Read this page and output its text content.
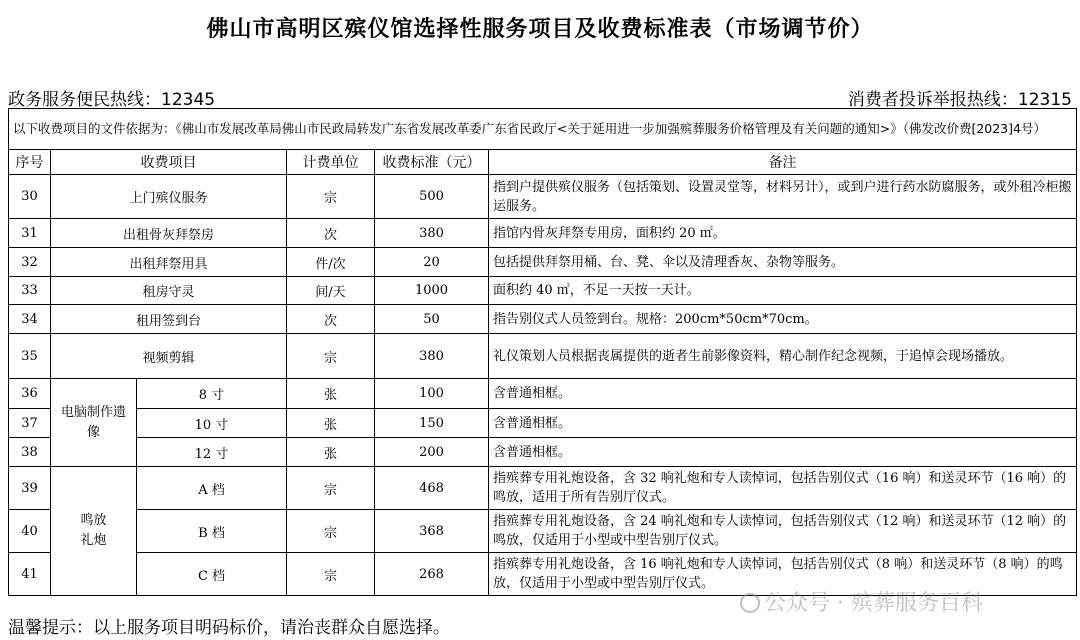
佛山市高明区殡仪馆选择性服务项目及收费标准表（市场调节价）
政务服务便民热线：12345	消费者投诉举报热线：12315
以下收费项目的文件依据为：《佛山市发展改革局佛山市民政局转发广东省发展改革委广东省民政厅<关于延用进一步加强殡葬服务价格管理及有关问题的通知>》（佛发改价费[2023]4号）					
序号	收费项目		计费单位	收费标准（元）	备注
30	上门殡仪服务		宗	500	指到户提供殡仪服务（包括策划、设置灵堂等，材料另计），或到户进行药水防腐服务，或外租冷柜搬运服务。
31	出租骨灰拜祭房		次	380	指馆内骨灰拜祭专用房，面积约 20 ㎡。
32	出租拜祭用具		件/次	20	包括提供拜祭用桶、台、凳、伞以及清理香灰、杂物等服务。
33	租房守灵		间/天	1000	面积约 40 ㎡，不足一天按一天计。
34	租用签到台		次	50	指告别仪式人员签到台。规格：200cm*50cm*70cm。
35	视频剪辑		宗	380	礼仪策划人员根据丧属提供的逝者生前影像资料，精心制作纪念视频，于追悼会现场播放。
36	电脑制作遗像	8 寸	张	100	含普通相框。
37		10 寸	张	150	含普通相框。
38		12 寸	张	200	含普通相框。
39	鸣放礼炮	A 档	宗	468	指殡葬专用礼炮设备，含 32 响礼炮和专人读悼词，包括告别仪式（16 响）和送灵环节（16 响）的鸣放，适用于所有告别厅仪式。
40		B 档	宗	368	指殡葬专用礼炮设备，含 24 响礼炮和专人读悼词，包括告别仪式（12 响）和送灵环节（12 响）的鸣放，仅适用于小型或中型告别厅仪式。
41		C 档	宗	268	指殡葬专用礼炮设备，含 16 响礼炮和专人读悼词，包括告别仪式（8 响）和送灵环节（8 响）的鸣放，仅适用于小型或中型告别厅仪式。
温馨提示：以上服务项目明码标价，请治丧群众自愿选择。
公众号 · 殡葬服务百科
